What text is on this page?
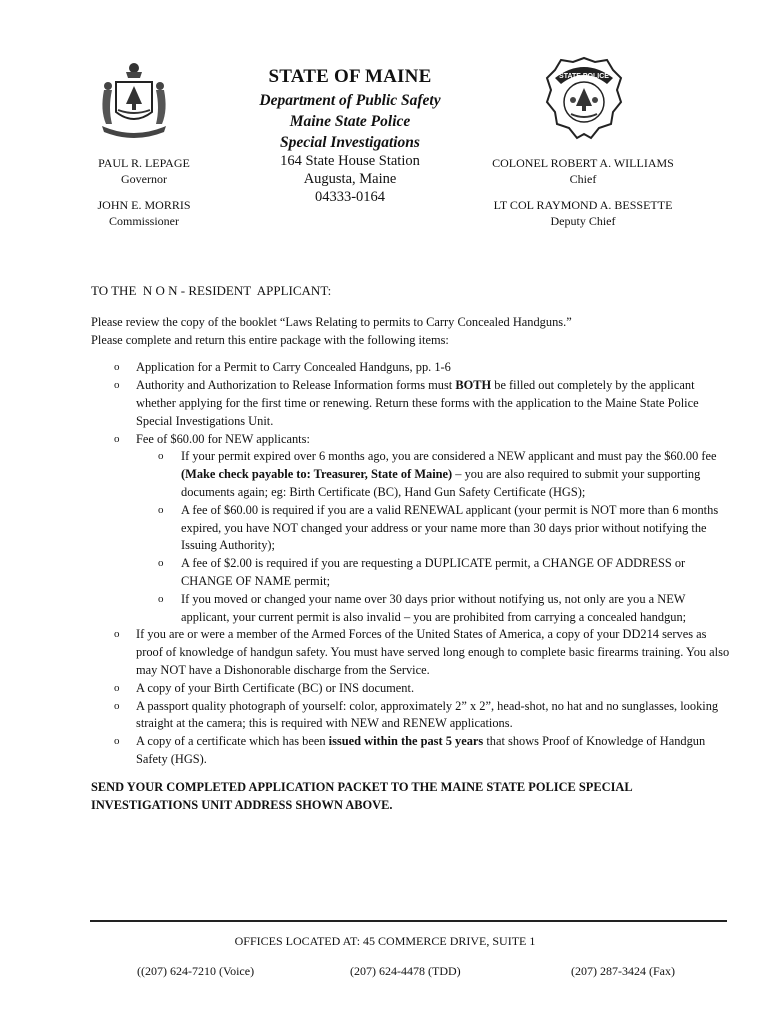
STATE OF MAINE
Department of Public Safety
Maine State Police
Special Investigations
164 State House Station
Augusta, Maine
04333-0164
STATE POLICE
PAUL R. LEPAGE
Governor
JOHN E. MORRIS
Commissioner
COLONEL ROBERT A. WILLIAMS
Chief
LT COL RAYMOND A. BESSETTE
Deputy Chief

TO THE  N O N - RESIDENT  APPLICANT:

Please review the copy of the booklet “Laws Relating to permits to Carry Concealed Handguns.”

Please complete and return this entire package with the following items:

o Application for a Permit to Carry Concealed Handguns, pp. 1-6
o Authority and Authorization to Release Information forms must BOTH be filled out completely by the applicant whether applying for the first time or renewing. Return these forms with the application to the Maine State Police Special Investigations Unit.
o Fee of $60.00 for NEW applicants:
o If your permit expired over 6 months ago, you are considered a NEW applicant and must pay the $60.00 fee (Make check payable to: Treasurer, State of Maine) – you are also required to submit your supporting documents again; eg: Birth Certificate (BC), Hand Gun Safety Certificate (HGS);
o A fee of $60.00 is required if you are a valid RENEWAL applicant (your permit is NOT more than 6 months expired, you have NOT changed your address or your name more than 30 days prior without notifying the Issuing Authority);
o A fee of $2.00 is required if you are requesting a DUPLICATE permit, a CHANGE OF ADDRESS or CHANGE OF NAME permit;
o If you moved or changed your name over 30 days prior without notifying us, not only are you a NEW applicant, your current permit is also invalid – you are prohibited from carrying a concealed handgun;
o If you are or were a member of the Armed Forces of the United States of America, a copy of your DD214 serves as proof of knowledge of handgun safety. You must have served long enough to complete basic firearms training. You also may NOT have a Dishonorable discharge from the Service.
o A copy of your Birth Certificate (BC) or INS document.
o A passport quality photograph of yourself: color, approximately 2” x 2”, head-shot, no hat and no sunglasses, looking straight at the camera; this is required with NEW and RENEW applications.
o A copy of a certificate which has been issued within the past 5 years that shows Proof of Knowledge of Handgun Safety (HGS).

SEND YOUR COMPLETED APPLICATION PACKET TO THE MAINE STATE POLICE SPECIAL INVESTIGATIONS UNIT ADDRESS SHOWN ABOVE.

OFFICES LOCATED AT: 45 COMMERCE DRIVE, SUITE 1
((207) 624-7210 (Voice)	(207) 624-4478 (TDD)	(207) 287-3424 (Fax)
